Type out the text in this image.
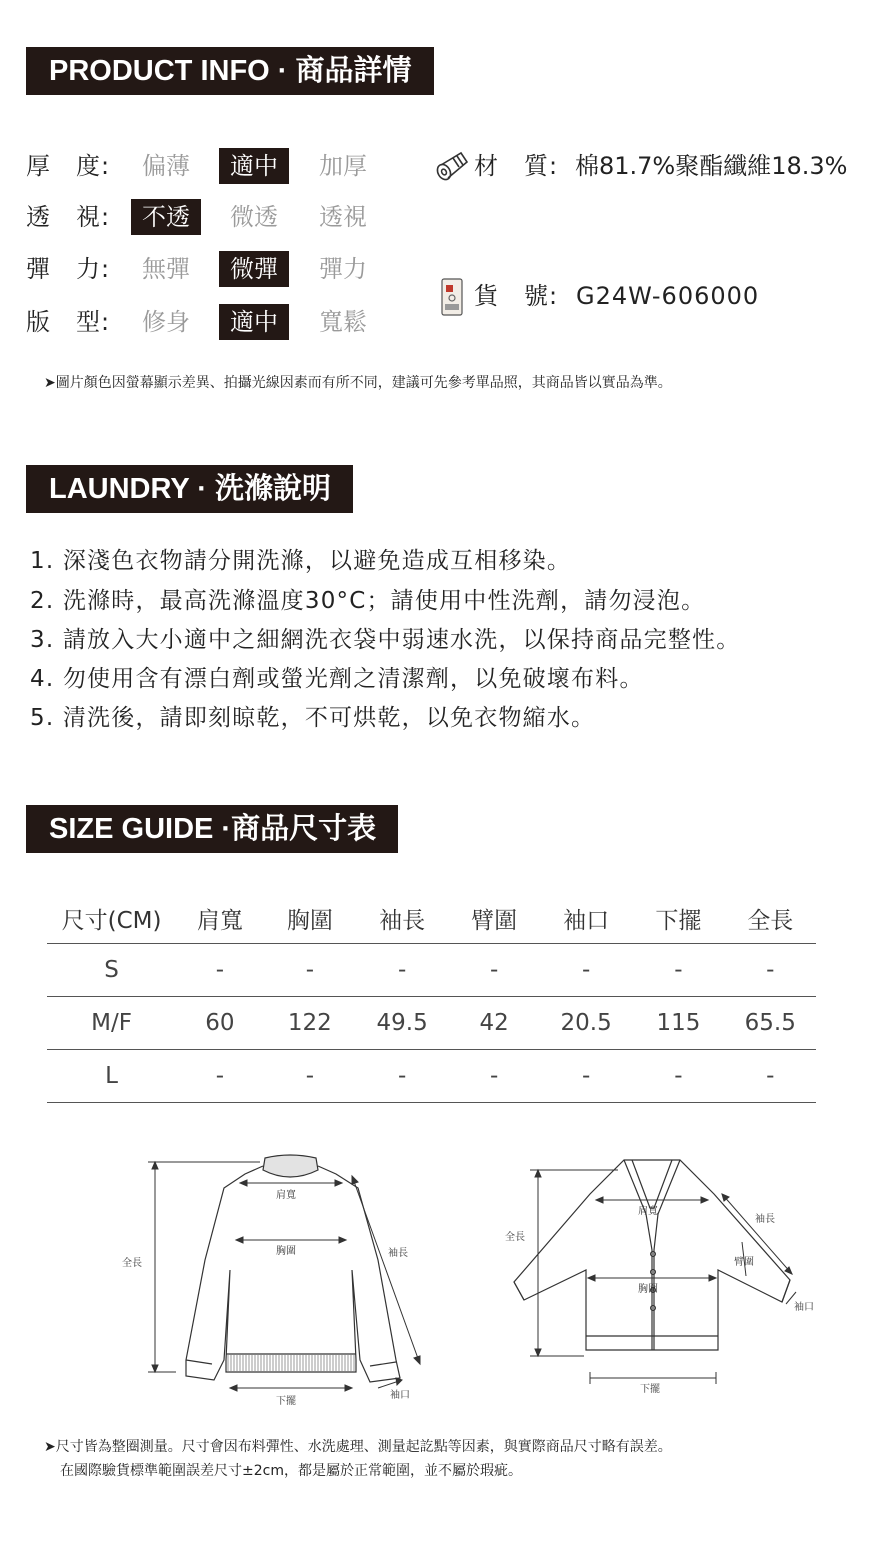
PRODUCT INFO · 商品詳情
厚　度:	偏薄	適中	加厚
透　視:	不透	微透	透視
彈　力:	無彈	微彈	彈力
版　型:	修身	適中	寬鬆
材　質: 棉81.7%聚酯纖維18.3%
貨　號: G24W-606000
➤圖片顏色因螢幕顯示差異、拍攝光線因素而有所不同，建議可先參考單品照，其商品皆以實品為準。
LAUNDRY · 洗滌說明
1. 深淺色衣物請分開洗滌，以避免造成互相移染。
2. 洗滌時，最高洗滌溫度30°C；請使用中性洗劑，請勿浸泡。
3. 請放入大小適中之細網洗衣袋中弱速水洗，以保持商品完整性。
4. 勿使用含有漂白劑或螢光劑之清潔劑，以免破壞布料。
5. 清洗後，請即刻晾乾，不可烘乾，以免衣物縮水。
SIZE GUIDE ·商品尺寸表
尺寸(CM)	肩寬	胸圍	袖長	臂圍	袖口	下擺	全長
S	-	-	-	-	-	-	-
M/F	60	122	49.5	42	20.5	115	65.5
L	-	-	-	-	-	-	-
肩寬
胸圍	袖長
全長
下擺
袖口
肩寬
胸圍
袖長
臂圍
全長
下擺
袖口
➤尺寸皆為整圈測量。尺寸會因布料彈性、水洗處理、測量起訖點等因素，與實際商品尺寸略有誤差。
在國際驗貨標準範圍誤差尺寸±2cm，都是屬於正常範圍，並不屬於瑕疵。
